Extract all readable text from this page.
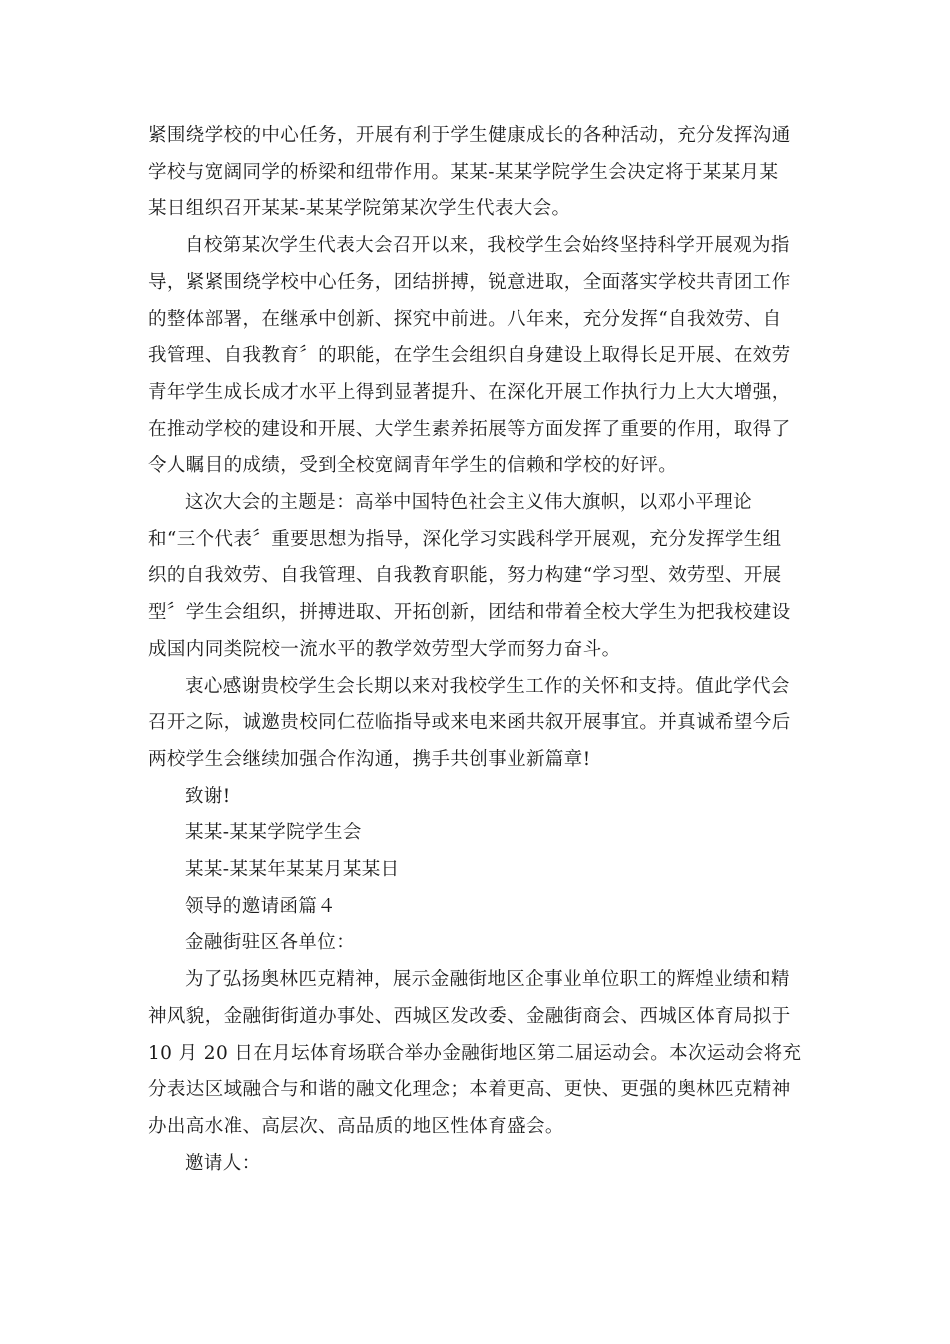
紧围绕学校的中心任务，开展有利于学生健康成长的各种活动，充分发挥沟通
学校与宽阔同学的桥梁和纽带作用。某某-某某学院学生会决定将于某某月某
某日组织召开某某-某某学院第某次学生代表大会。

自校第某次学生代表大会召开以来，我校学生会始终坚持科学开展观为指
导，紧紧围绕学校中心任务，团结拼搏，锐意进取，全面落实学校共青团工作
的整体部署，在继承中创新、探究中前进。八年来，充分发挥“自我效劳、自
我管理、自我教育〞的职能，在学生会组织自身建设上取得长足开展、在效劳
青年学生成长成才水平上得到显著提升、在深化开展工作执行力上大大增强，
在推动学校的建设和开展、大学生素养拓展等方面发挥了重要的作用，取得了
令人瞩目的成绩，受到全校宽阔青年学生的信赖和学校的好评。

这次大会的主题是：高举中国特色社会主义伟大旗帜，以邓小平理论
和“三个代表〞重要思想为指导，深化学习实践科学开展观，充分发挥学生组
织的自我效劳、自我管理、自我教育职能，努力构建“学习型、效劳型、开展
型〞学生会组织，拼搏进取、开拓创新，团结和带着全校大学生为把我校建设
成国内同类院校一流水平的教学效劳型大学而努力奋斗。

衷心感谢贵校学生会长期以来对我校学生工作的关怀和支持。值此学代会
召开之际，诚邀贵校同仁莅临指导或来电来函共叙开展事宜。并真诚希望今后
两校学生会继续加强合作沟通，携手共创事业新篇章!

致谢!

某某-某某学院学生会

某某-某某年某某月某某日

领导的邀请函篇４

金融街驻区各单位：

为了弘扬奥林匹克精神，展示金融街地区企事业单位职工的辉煌业绩和精
神风貌，金融街街道办事处、西城区发改委、金融街商会、西城区体育局拟于
10 月 20 日在月坛体育场联合举办金融街地区第二届运动会。本次运动会将充
分表达区域融合与和谐的融文化理念；本着更高、更快、更强的奥林匹克精神
办出高水准、高层次、高品质的地区性体育盛会。

邀请人：
